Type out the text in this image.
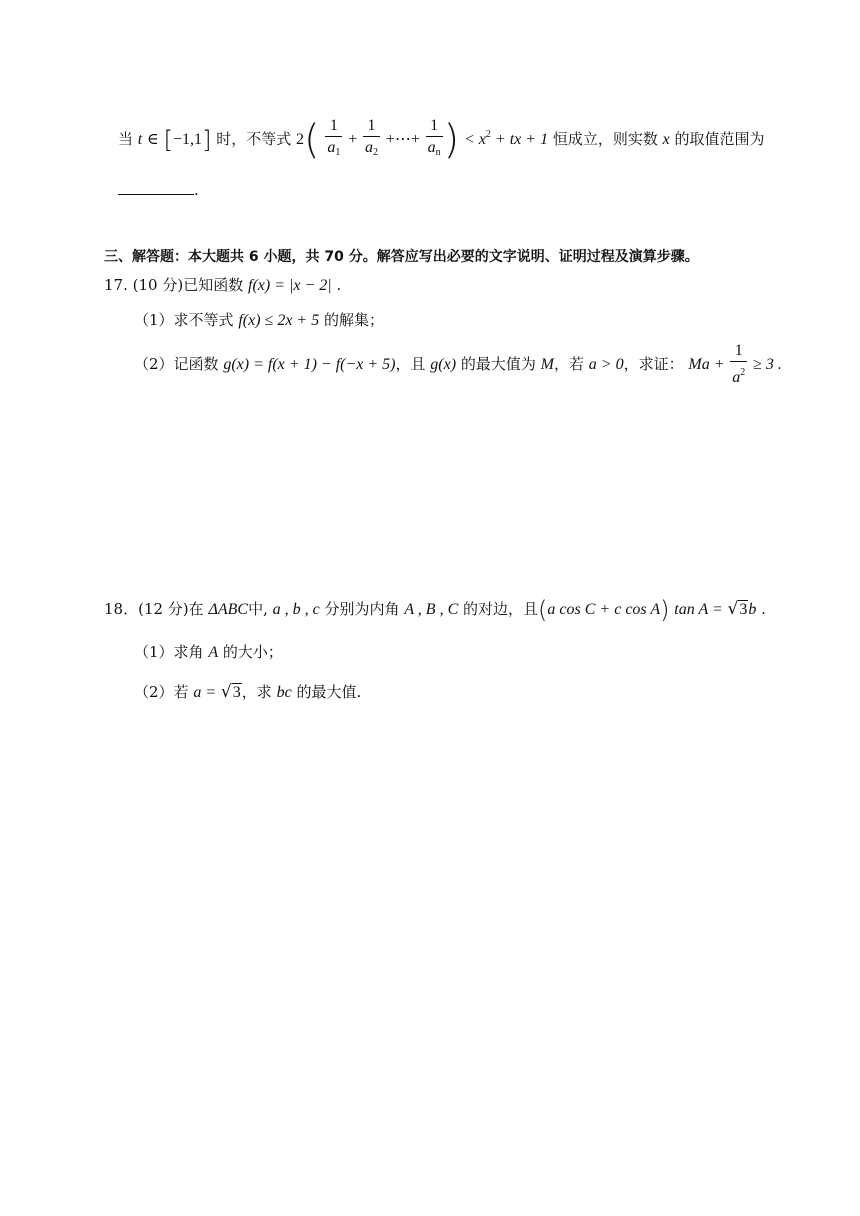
当 t ∈ [−1,1] 时，不等式 $2( \frac{1}{a_1} + \frac{1}{a_2}$ +⋯+ $\frac{1}{a_n}$ ) < $x^2$ + tx + 1 恒成立，则实数 x 的取值范围为
.
三、解答题：本大题共 6 小题，共 70 分。解答应写出必要的文字说明、证明过程及演算步骤。
17. (10 分)已知函数 f(x) = |x − 2| .
（1）求不等式 f(x) ≤ 2x + 5 的解集；
（2）记函数 g(x) = f(x + 1) − f(−x + 5)，且 g(x) 的最大值为 M，若 a > 0，求证： $Ma + \frac{1}{a^2} \ge 3$ .
18．(12 分)在 ΔABC中, a , b , c 分别为内角 A , B , C 的对边，且(a cos C + c cos A) tan A = √3b .
（1）求角 A 的大小；
（2）若 a = √3，求 bc 的最大值.
